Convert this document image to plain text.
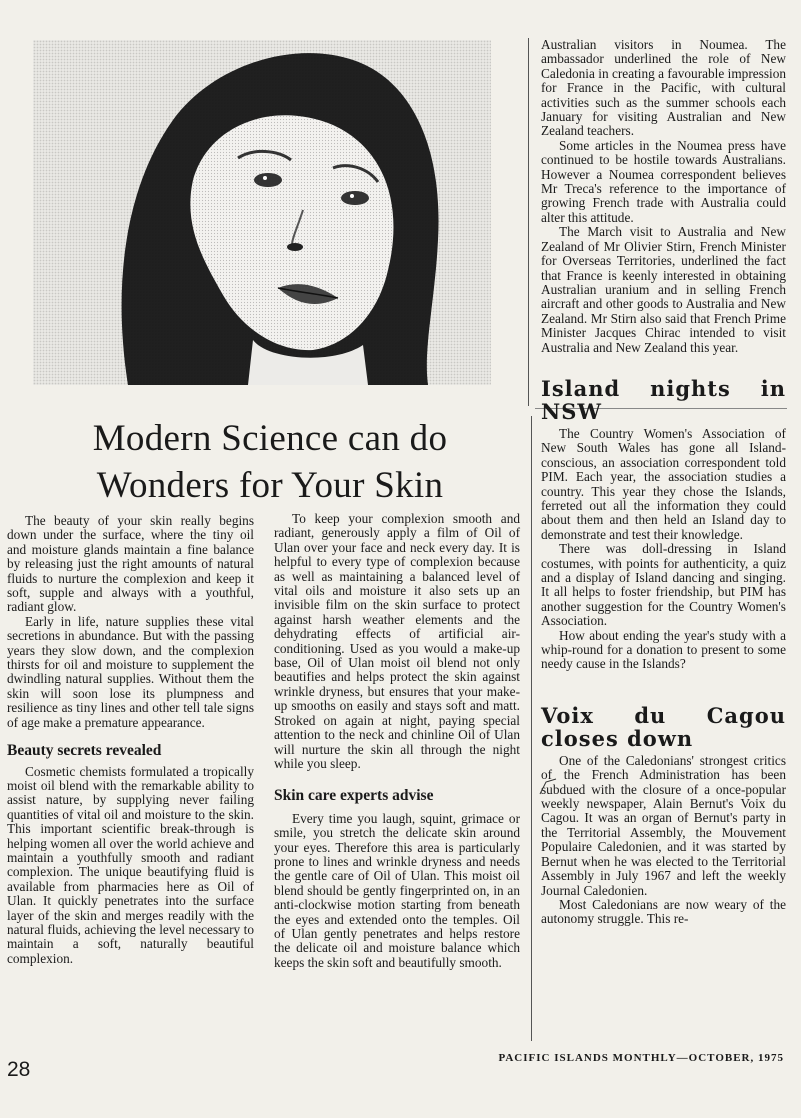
Modern Science can do
Wonders for Your Skin

The beauty of your skin really begins down under the surface, where the tiny oil and moisture glands maintain a fine balance by releasing just the right amounts of natural fluids to nurture the complexion and keep it soft, supple and always with a youthful, radiant glow.

Early in life, nature supplies these vital secretions in abundance. But with the passing years they slow down, and the complexion thirsts for oil and moisture to supplement the dwindling natural supplies. Without them the skin will soon lose its plumpness and resilience as tiny lines and other tell tale signs of age make a premature appearance.

Beauty secrets revealed

Cosmetic chemists formulated a tropically moist oil blend with the remarkable ability to assist nature, by supplying never failing quantities of vital oil and moisture to the skin. This important scientific break-through is helping women all over the world achieve and maintain a youthfully smooth and radiant complexion. The unique beautifying fluid is available from pharmacies here as Oil of Ulan. It quickly penetrates into the surface layer of the skin and merges readily with the natural fluids, achieving the level necessary to maintain a soft, naturally beautiful complexion.

To keep your complexion smooth and radiant, generously apply a film of Oil of Ulan over your face and neck every day. It is helpful to every type of complexion because as well as maintaining a balanced level of vital oils and moisture it also sets up an invisible film on the skin surface to protect against harsh weather elements and the dehydrating effects of artificial air-conditioning. Used as you would a make-up base, Oil of Ulan moist oil blend not only beautifies and helps protect the skin against wrinkle dryness, but ensures that your make-up smooths on easily and stays soft and matt. Stroked on again at night, paying special attention to the neck and chinline Oil of Ulan will nurture the skin all through the night while you sleep.

Skin care experts advise

Every time you laugh, squint, grimace or smile, you stretch the delicate skin around your eyes. Therefore this area is particularly prone to lines and wrinkle dryness and needs the gentle care of Oil of Ulan. This moist oil blend should be gently fingerprinted on, in an anti-clockwise motion starting from beneath the eyes and extended onto the temples. Oil of Ulan gently penetrates and helps restore the delicate oil and moisture balance which keeps the skin soft and beautifully smooth.

Australian visitors in Noumea. The ambassador underlined the role of New Caledonia in creating a favourable impression for France in the Pacific, with cultural activities such as the summer schools each January for visiting Australian and New Zealand teachers.

Some articles in the Noumea press have continued to be hostile towards Australians. However a Noumea correspondent believes Mr Treca's reference to the importance of growing French trade with Australia could alter this attitude.

The March visit to Australia and New Zealand of Mr Olivier Stirn, French Minister for Overseas Territories, underlined the fact that France is keenly interested in obtaining Australian uranium and in selling French aircraft and other goods to Australia and New Zealand. Mr Stirn also said that French Prime Minister Jacques Chirac intended to visit Australia and New Zealand this year.

Island nights in NSW

The Country Women's Association of New South Wales has gone all Island-conscious, an association correspondent told PIM. Each year, the association studies a country. This year they chose the Islands, ferreted out all the information they could about them and then held an Island day to demonstrate and test their knowledge.

There was doll-dressing in Island costumes, with points for authenticity, a quiz and a display of Island dancing and singing. It all helps to foster friendship, but PIM has another suggestion for the Country Women's Association.

How about ending the year's study with a whip-round for a donation to present to some needy cause in the Islands?

Voix du Cagou closes down

One of the Caledonians' strongest critics of the French Administration has been subdued with the closure of a once-popular weekly newspaper, Alain Bernut's Voix du Cagou. It was an organ of Bernut's party in the Territorial Assembly, the Mouvement Populaire Caledonien, and it was started by Bernut when he was elected to the Territorial Assembly in July 1967 and left the weekly Journal Caledonien.

Most Caledonians are now weary of the autonomy struggle. This re-

28	PACIFIC ISLANDS MONTHLY—OCTOBER, 1975
